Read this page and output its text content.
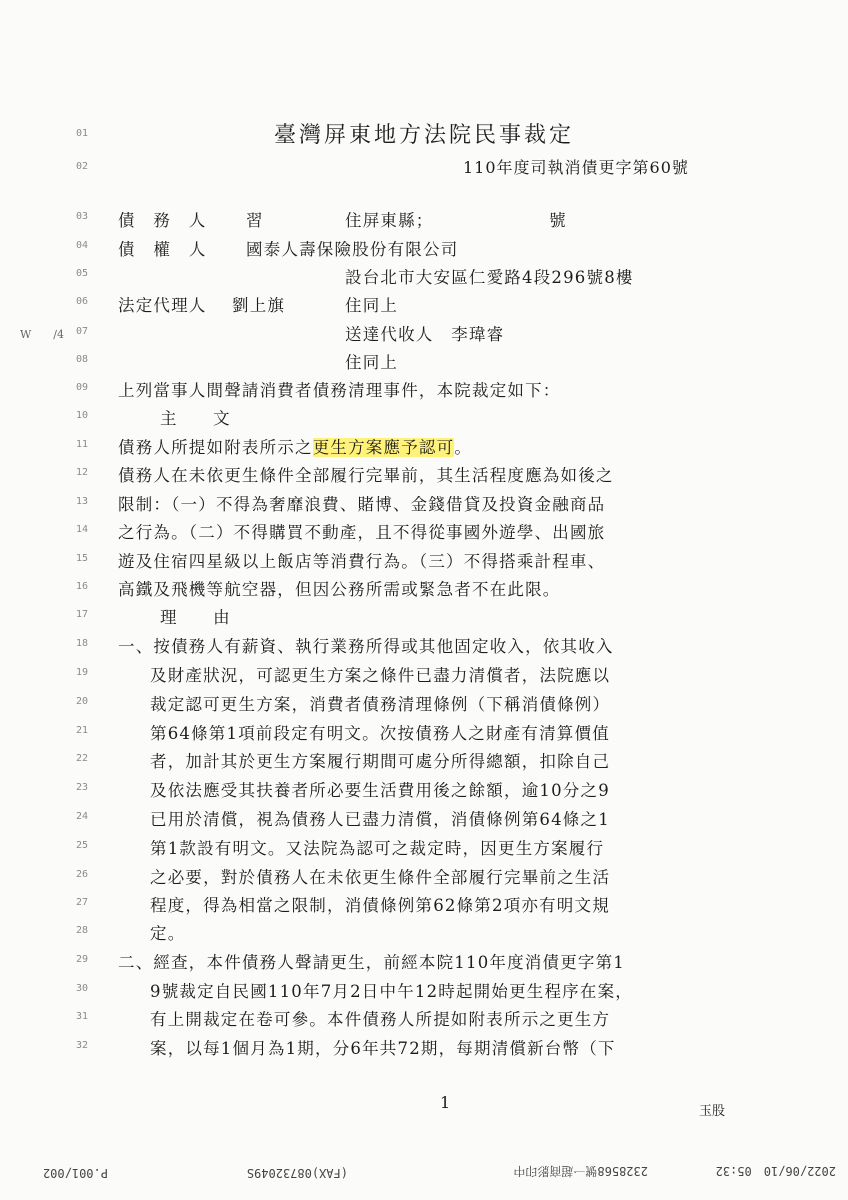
臺灣屏東地方法院民事裁定
110年度司執消債更字第60號
W　　/4
01
02
03
04
05
06
07
08
09
10
11
12
13
14
15
16
17
18
19
20
21
22
23
24
25
26
27
28
29
30
31
32
債　務　人 習	住屏東縣；　　　　　　　號
債　權　人 國泰人壽保險股份有限公司
設台北市大安區仁愛路4段296號8樓
法定代理人 劉上旗	住同上
送達代收人　李瑋睿
住同上
上列當事人間聲請消費者債務清理事件，本院裁定如下：
主　　文
債務人所提如附表所示之更生方案應予認可。
債務人在未依更生條件全部履行完畢前，其生活程度應為如後之
限制：（一）不得為奢靡浪費、賭博、金錢借貸及投資金融商品
之行為。（二）不得購買不動產，且不得從事國外遊學、出國旅
遊及住宿四星級以上飯店等消費行為。（三）不得搭乘計程車、
高鐵及飛機等航空器，但因公務所需或緊急者不在此限。
理　　由
一、按債務人有薪資、執行業務所得或其他固定收入，依其收入
及財產狀況，可認更生方案之條件已盡力清償者，法院應以
裁定認可更生方案，消費者債務清理條例（下稱消債條例）
第64條第1項前段定有明文。次按債務人之財產有清算價值
者，加計其於更生方案履行期間可處分所得總額，扣除自己
及依法應受其扶養者所必要生活費用後之餘額，逾10分之9
已用於清償，視為債務人已盡力清償，消債條例第64條之1
第1款設有明文。又法院為認可之裁定時，因更生方案履行
之必要，對於債務人在未依更生條件全部履行完畢前之生活
程度，得為相當之限制，消債條例第62條第2項亦有明文規
定。
二、經查，本件債務人聲請更生，前經本院110年度消債更字第1
9號裁定自民國110年7月2日中午12時起開始更生程序在案，
有上開裁定在卷可參。本件債務人所提如附表所示之更生方
案，以每1個月為1期，分6年共72期，每期清償新台幣（下
1	玉股
2022/06/10　05:32
2328568號一超商影印中
(FAX)08732049S
P.001/002
